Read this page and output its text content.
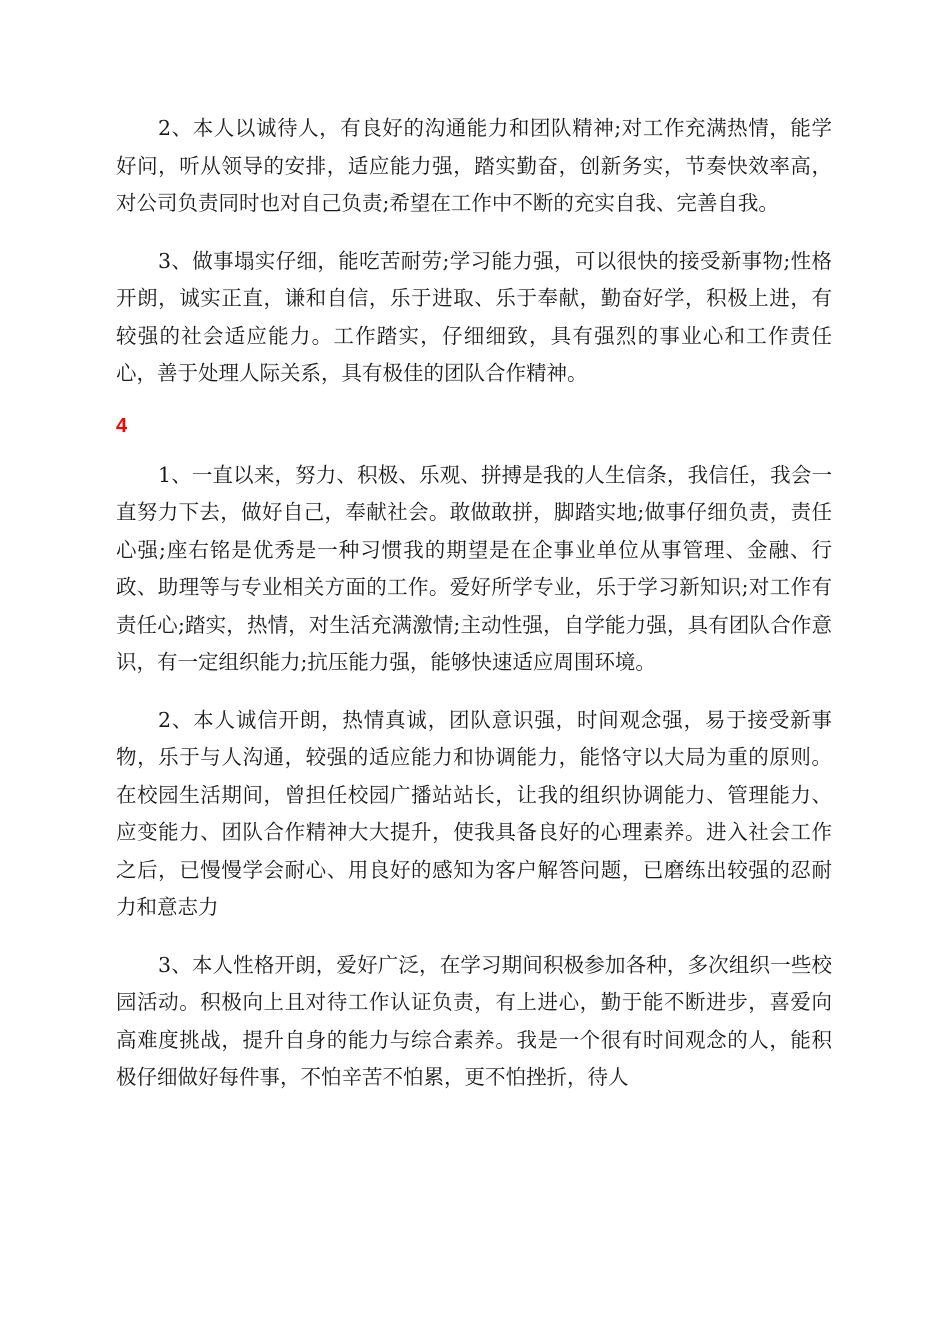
2、本人以诚待人，有良好的沟通能力和团队精神;对工作充满热情，能学好问，听从领导的安排，适应能力强，踏实勤奋，创新务实，节奏快效率高，对公司负责同时也对自己负责;希望在工作中不断的充实自我、完善自我。

3、做事塌实仔细，能吃苦耐劳;学习能力强，可以很快的接受新事物;性格开朗，诚实正直，谦和自信，乐于进取、乐于奉献，勤奋好学，积极上进，有较强的社会适应能力。工作踏实，仔细细致，具有强烈的事业心和工作责任心，善于处理人际关系，具有极佳的团队合作精神。

4

1、一直以来，努力、积极、乐观、拼搏是我的人生信条，我信任，我会一直努力下去，做好自己，奉献社会。敢做敢拼，脚踏实地;做事仔细负责，责任心强;座右铭是优秀是一种习惯我的期望是在企事业单位从事管理、金融、行政、助理等与专业相关方面的工作。爱好所学专业，乐于学习新知识;对工作有责任心;踏实，热情，对生活充满激情;主动性强，自学能力强，具有团队合作意识，有一定组织能力;抗压能力强，能够快速适应周围环境。

2、本人诚信开朗，热情真诚，团队意识强，时间观念强，易于接受新事物，乐于与人沟通，较强的适应能力和协调能力，能恪守以大局为重的原则。在校园生活期间，曾担任校园广播站站长，让我的组织协调能力、管理能力、应变能力、团队合作精神大大提升，使我具备良好的心理素养。进入社会工作之后，已慢慢学会耐心、用良好的感知为客户解答问题，已磨练出较强的忍耐力和意志力

3、本人性格开朗，爱好广泛，在学习期间积极参加各种，多次组织一些校园活动。积极向上且对待工作认证负责，有上进心，勤于能不断进步，喜爱向高难度挑战，提升自身的能力与综合素养。我是一个很有时间观念的人，能积极仔细做好每件事，不怕辛苦不怕累，更不怕挫折，待人
